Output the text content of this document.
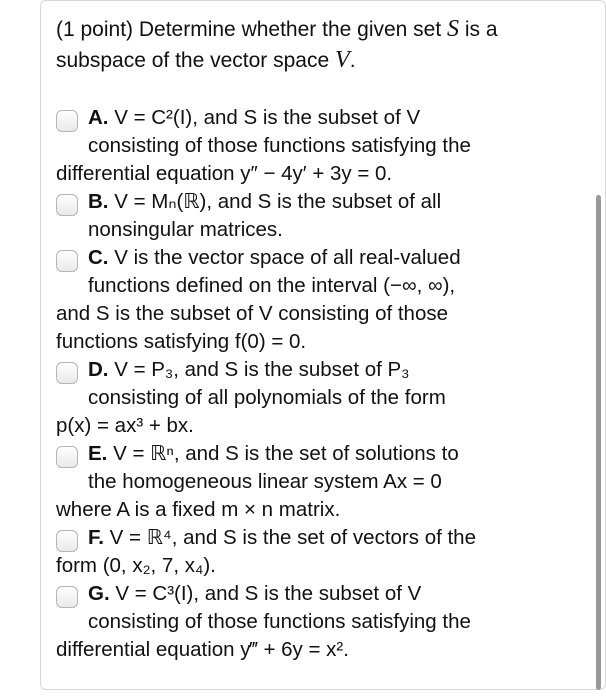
(1 point) Determine whether the given set S is a
subspace of the vector space V.
A. V = C²(I), and S is the subset of V
consisting of those functions satisfying the
differential equation y″ − 4y′ + 3y = 0.
B. V = Mₙ(ℝ), and S is the subset of all
nonsingular matrices.
C. V is the vector space of all real-valued
functions defined on the interval (−∞, ∞),
and S is the subset of V consisting of those
functions satisfying f(0) = 0.
D. V = P₃, and S is the subset of P₃
consisting of all polynomials of the form
p(x) = ax³ + bx.
E. V = ℝⁿ, and S is the set of solutions to
the homogeneous linear system Ax = 0
where A is a fixed m × n matrix.
F. V = ℝ⁴, and S is the set of vectors of the
form (0, x₂, 7, x₄).
G. V = C³(I), and S is the subset of V
consisting of those functions satisfying the
differential equation y‴ + 6y = x².
